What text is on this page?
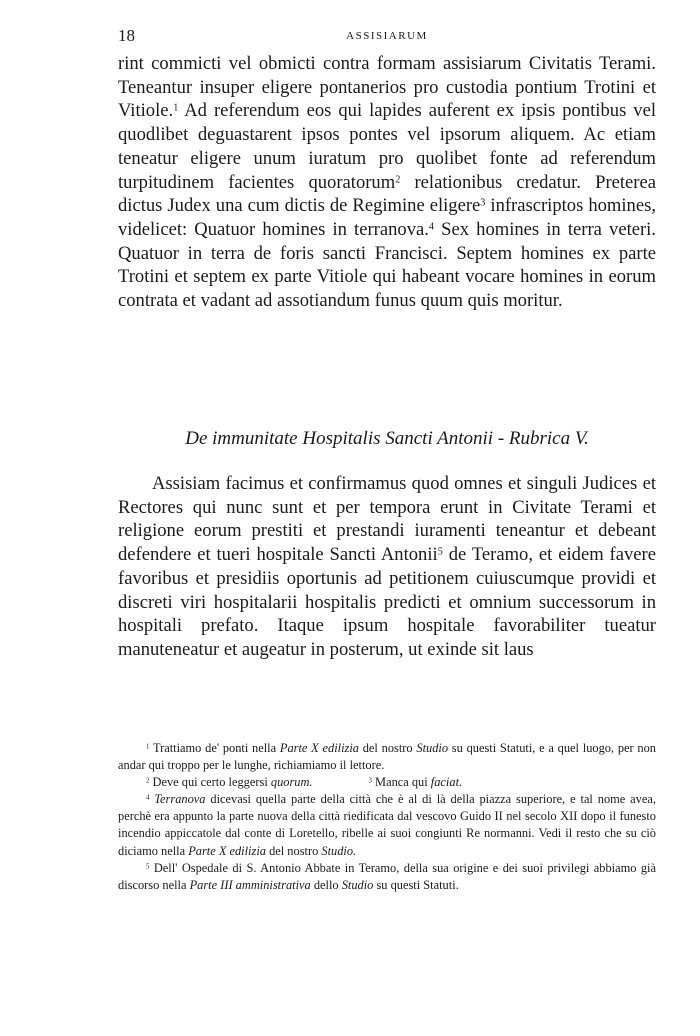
18	ASSISIARUM

rint commicti vel obmicti contra formam assisiarum Civitatis Terami. Teneantur insuper eligere pontanerios pro custodia pontium Trotini et Vitiole.$^1$ Ad referendum eos qui lapides auferent ex ipsis pontibus vel quodlibet deguastarent ipsos pontes vel ipsorum aliquem. Ac etiam teneatur eligere unum iuratum pro quolibet fonte ad referendum turpitudinem facientes quoratorum$^2$ relationibus credatur. Preterea dictus Judex una cum dictis de Regimine eligere$^3$ infrascriptos homines, videlicet: Quatuor homines in terranova.$^4$ Sex homines in terra veteri. Quatuor in terra de foris sancti Francisci. Septem homines ex parte Trotini et septem ex parte Vitiole qui habeant vocare homines in eorum contrata et vadant ad assotiandum funus quum quis moritur.

De immunitate Hospitalis Sancti Antonii - Rubrica V.

Assisiam facimus et confirmamus quod omnes et singuli Judices et Rectores qui nunc sunt et per tempora erunt in Civitate Terami et religione eorum prestiti et prestandi iuramenti teneantur et debeant defendere et tueri hospitale Sancti Antonii$^5$ de Teramo, et eidem favere favoribus et presidiis oportunis ad petitionem cuiuscumque providi et discreti viri hospitalarii hospitalis predicti et omnium successorum in hospitali prefato. Itaque ipsum hospitale favorabiliter tueatur manuteneatur et augeatur in posterum, ut exinde sit laus

$^1$ Trattiamo de' ponti nella Parte X edilizia del nostro Studio su questi Statuti, e a quel luogo, per non andar qui troppo per le lunghe, richiamiamo il lettore.

$^2$ Deve qui certo leggersi quorum.	$^3$ Manca qui faciat.

$^4$ Terranova dicevasi quella parte della città che è al di là della piazza superiore, e tal nome avea, perchè era appunto la parte nuova della città riedificata dal vescovo Guido II nel secolo XII dopo il funesto incendio appiccatole dal conte di Loretello, ribelle ai suoi congiunti Re normanni. Vedi il resto che su ciò diciamo nella Parte X edilizia del nostro Studio.

$^5$ Dell' Ospedale di S. Antonio Abbate in Teramo, della sua origine e dei suoi privilegi abbiamo già discorso nella Parte III amministrativa dello Studio su questi Statuti.
